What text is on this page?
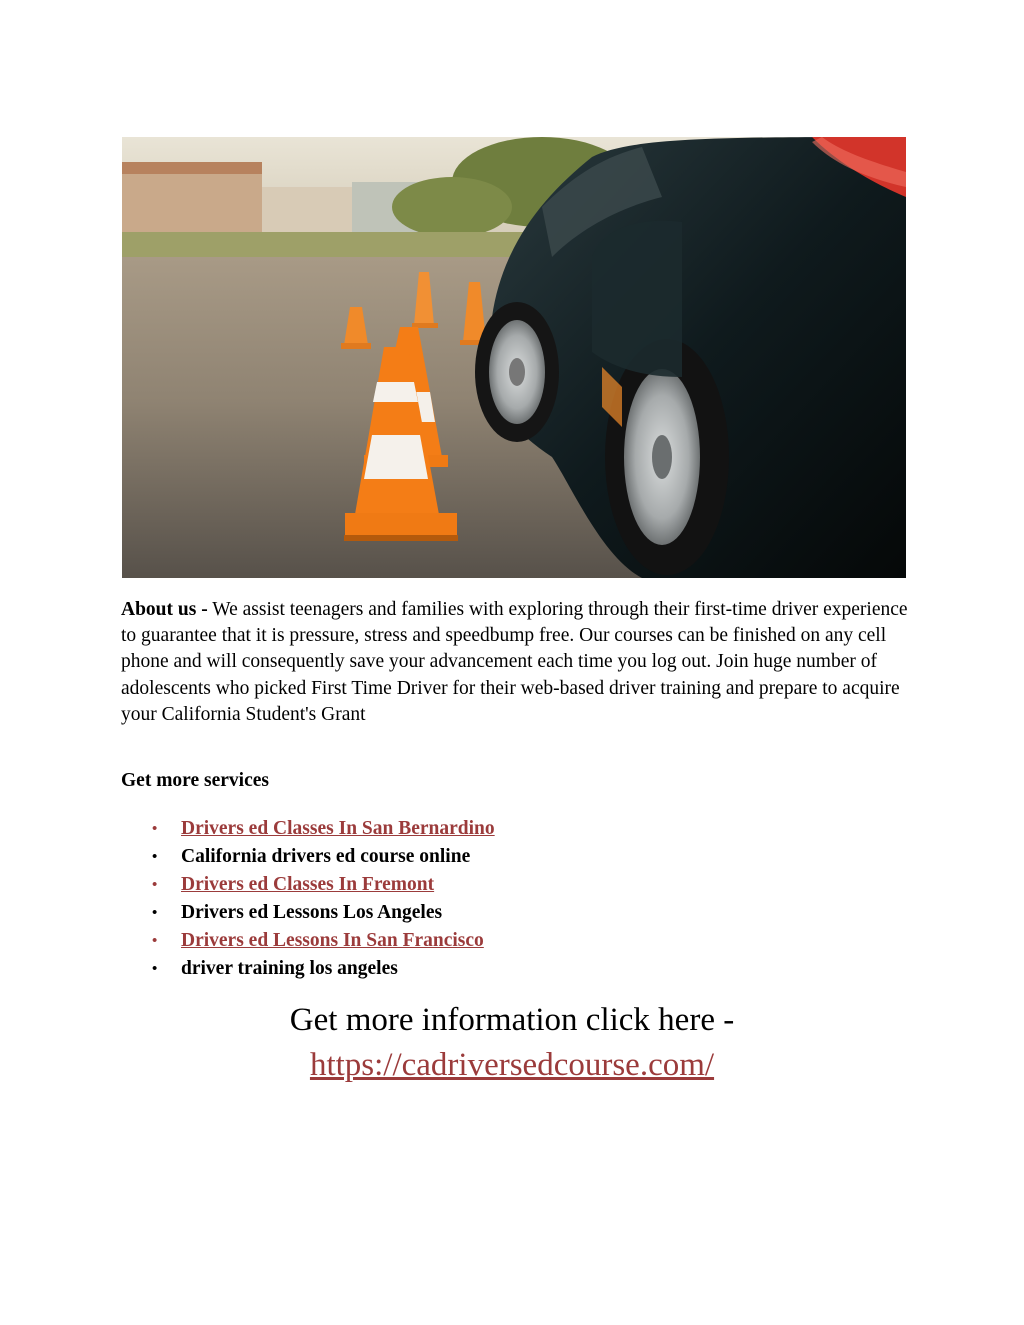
About us - We assist teenagers and families with exploring through their first-time driver experience to guarantee that it is pressure, stress and speedbump free. Our courses can be finished on any cell phone and will consequently save your advancement each time you log out. Join huge number of adolescents who picked First Time Driver for their web-based driver training and prepare to acquire your California Student's Grant

Get more services

• Drivers ed Classes In San Bernardino
• California drivers ed course online
• Drivers ed Classes In Fremont
• Drivers ed Lessons Los Angeles
• Drivers ed Lessons In San Francisco
• driver training los angeles
Get more information click here -
https://cadriversedcourse.com/
